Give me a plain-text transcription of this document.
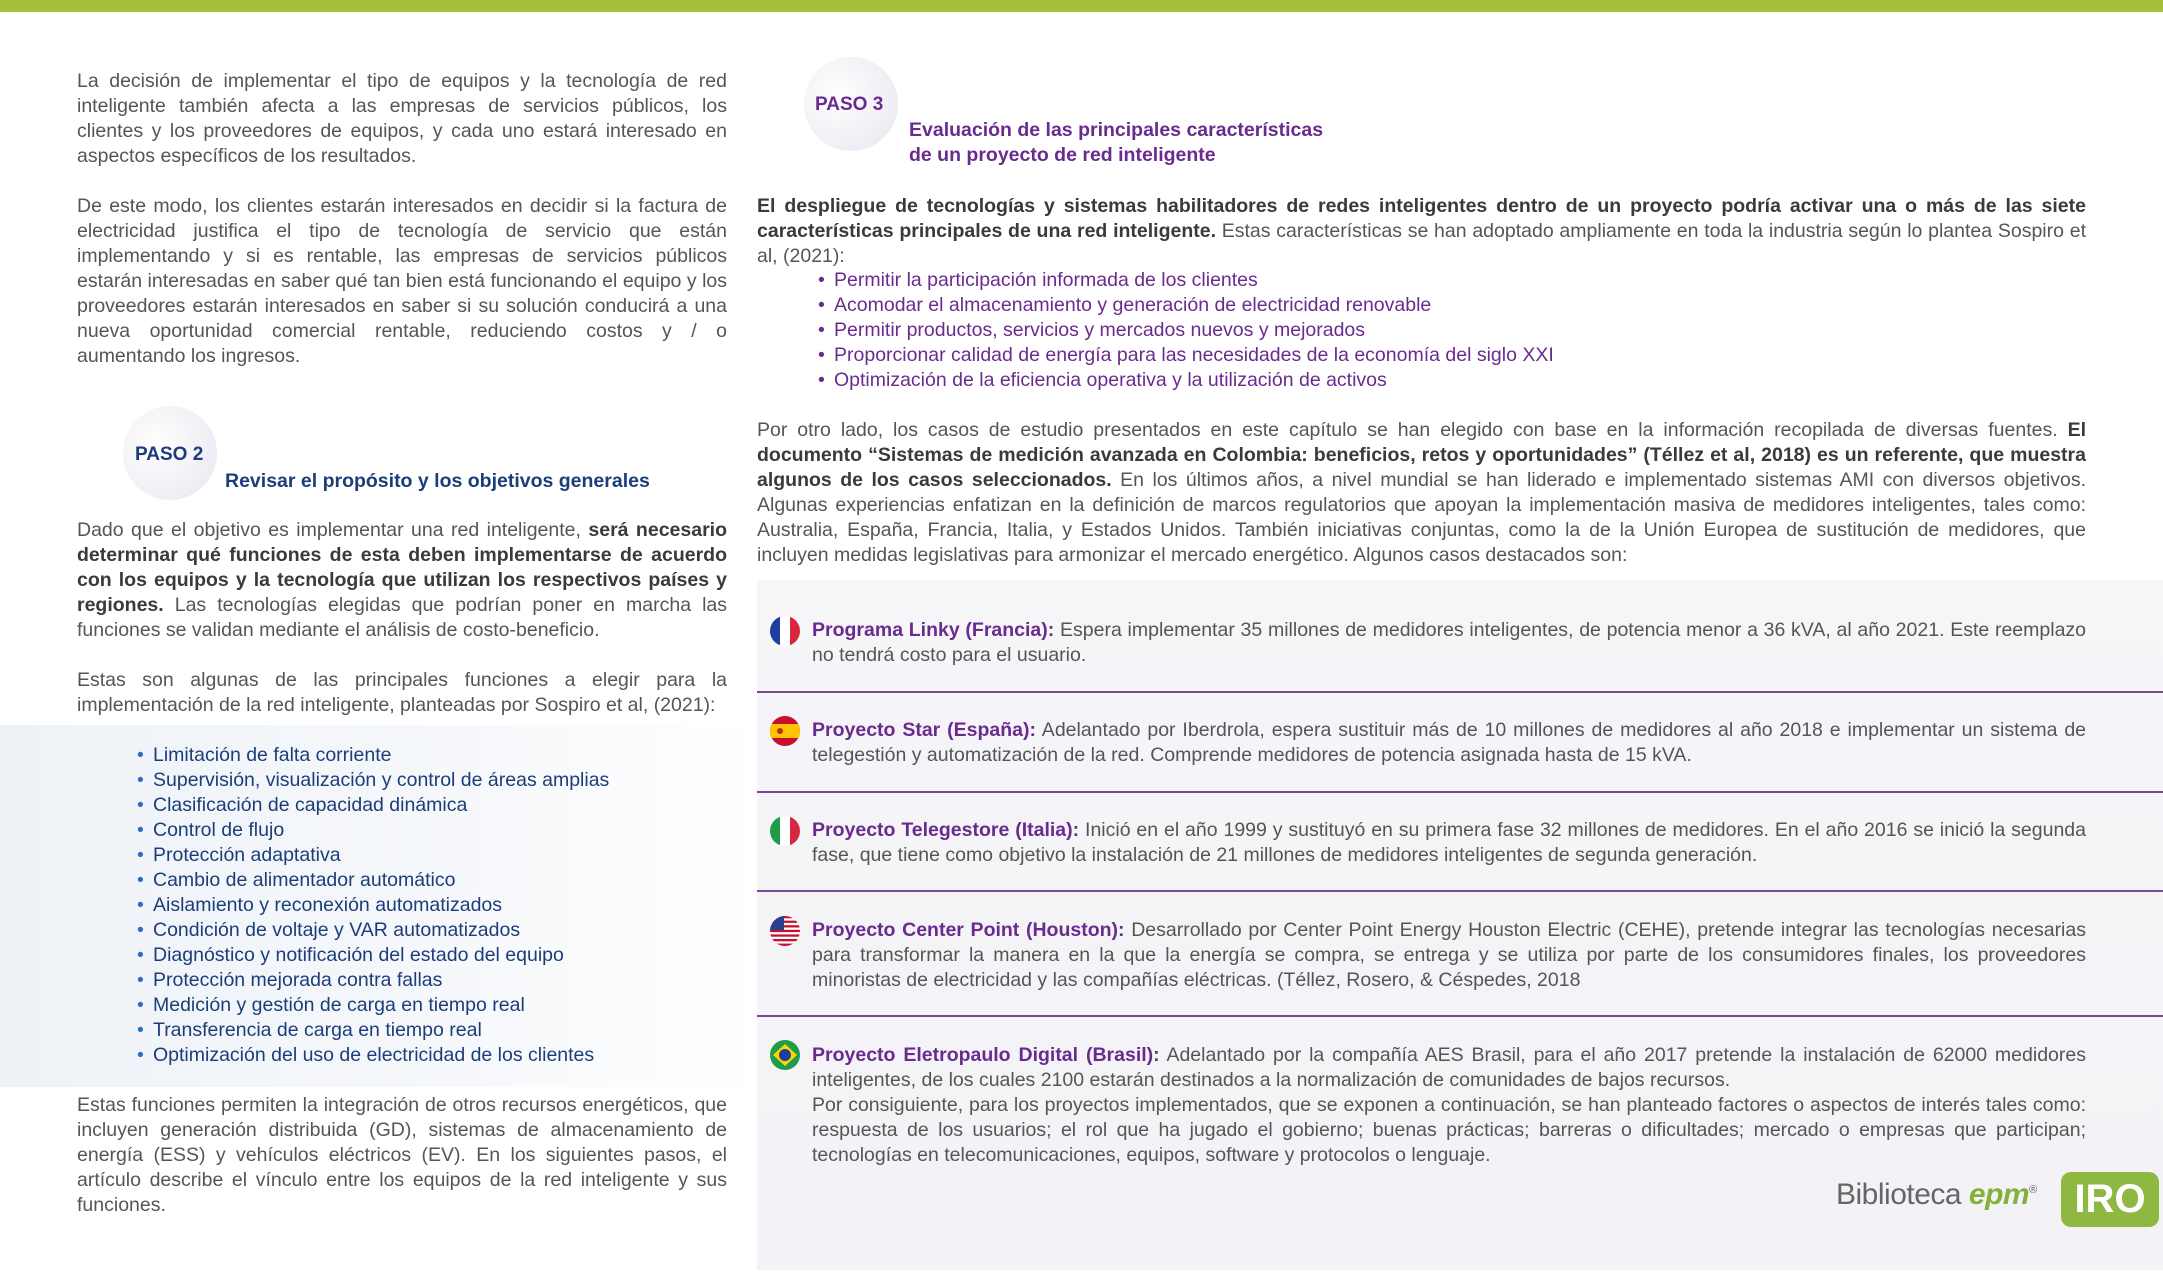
La decisión de implementar el tipo de equipos y la tecnología de red inteligente también afecta a las empresas de servicios públicos, los clientes y los proveedores de equipos, y cada uno estará interesado en aspectos específicos de los resultados.

De este modo, los clientes estarán interesados en decidir si la factura de electricidad justifica el tipo de tecnología de servicio que están implementando y si es rentable, las empresas de servicios públicos estarán interesadas en saber qué tan bien está funcionando el equipo y los proveedores estarán interesados en saber si su solución conducirá a una nueva oportunidad comercial rentable, reduciendo costos y / o aumentando los ingresos.

PASO 2
Revisar el propósito y los objetivos generales

Dado que el objetivo es implementar una red inteligente, será necesario determinar qué funciones de esta deben implementarse de acuerdo con los equipos y la tecnología que utilizan los respectivos países y regiones. Las tecnologías elegidas que podrían poner en marcha las funciones se validan mediante el análisis de costo-beneficio.

Estas son algunas de las principales funciones a elegir para la implementación de la red inteligente, planteadas por Sospiro et al, (2021):

• Limitación de falta corriente
• Supervisión, visualización y control de áreas amplias
• Clasificación de capacidad dinámica
• Control de flujo
• Protección adaptativa
• Cambio de alimentador automático
• Aislamiento y reconexión automatizados
• Condición de voltaje y VAR automatizados
• Diagnóstico y notificación del estado del equipo
• Protección mejorada contra fallas
• Medición y gestión de carga en tiempo real
• Transferencia de carga en tiempo real
• Optimización del uso de electricidad de los clientes

Estas funciones permiten la integración de otros recursos energéticos, que incluyen generación distribuida (GD), sistemas de almacenamiento de energía (ESS) y vehículos eléctricos (EV). En los siguientes pasos, el artículo describe el vínculo entre los equipos de la red inteligente y sus funciones.

PASO 3
Evaluación de las principales características
de un proyecto de red inteligente

El despliegue de tecnologías y sistemas habilitadores de redes inteligentes dentro de un proyecto podría activar una o más de las siete características principales de una red inteligente. Estas características se han adoptado ampliamente en toda la industria según lo plantea Sospiro et al, (2021):

• Permitir la participación informada de los clientes
• Acomodar el almacenamiento y generación de electricidad renovable
• Permitir productos, servicios y mercados nuevos y mejorados
• Proporcionar calidad de energía para las necesidades de la economía del siglo XXI
• Optimización de la eficiencia operativa y la utilización de activos

Por otro lado, los casos de estudio presentados en este capítulo se han elegido con base en la información recopilada de diversas fuentes. El documento “Sistemas de medición avanzada en Colombia: beneficios, retos y oportunidades” (Téllez et al, 2018) es un referente, que muestra algunos de los casos seleccionados. En los últimos años, a nivel mundial se han liderado e implementado sistemas AMI con diversos objetivos. Algunas experiencias enfatizan en la definición de marcos regulatorios que apoyan la implementación masiva de medidores inteligentes, tales como: Australia, España, Francia, Italia, y Estados Unidos. También iniciativas conjuntas, como la de la Unión Europea de sustitución de medidores, que incluyen medidas legislativas para armonizar el mercado energético. Algunos casos destacados son:

Programa Linky (Francia): Espera implementar 35 millones de medidores inteligentes, de potencia menor a 36 kVA, al año 2021. Este reemplazo no tendrá costo para el usuario.
Proyecto Star (España): Adelantado por Iberdrola, espera sustituir más de 10 millones de medidores al año 2018 e implementar un sistema de telegestión y automatización de la red. Comprende medidores de potencia asignada hasta de 15 kVA.
Proyecto Telegestore (Italia): Inició en el año 1999 y sustituyó en su primera fase 32 millones de medidores. En el año 2016 se inició la segunda fase, que tiene como objetivo la instalación de 21 millones de medidores inteligentes de segunda generación.
Proyecto Center Point (Houston): Desarrollado por Center Point Energy Houston Electric (CEHE), pretende integrar las tecnologías necesarias para transformar la manera en la que la energía se compra, se entrega y se utiliza por parte de los consumidores finales, los proveedores minoristas de electricidad y las compañías eléctricas. (Téllez, Rosero, & Céspedes, 2018
Proyecto Eletropaulo Digital (Brasil): Adelantado por la compañía AES Brasil, para el año 2017 pretende la instalación de 62000 medidores inteligentes, de los cuales 2100 estarán destinados a la normalización de comunidades de bajos recursos.
Por consiguiente, para los proyectos implementados, que se exponen a continuación, se han planteado factores o aspectos de interés tales como: respuesta de los usuarios; el rol que ha jugado el gobierno; buenas prácticas; barreras o dificultades; mercado o empresas que participan; tecnologías en telecomunicaciones, equipos, software y protocolos o lenguaje.
Biblioteca epm® IRO
